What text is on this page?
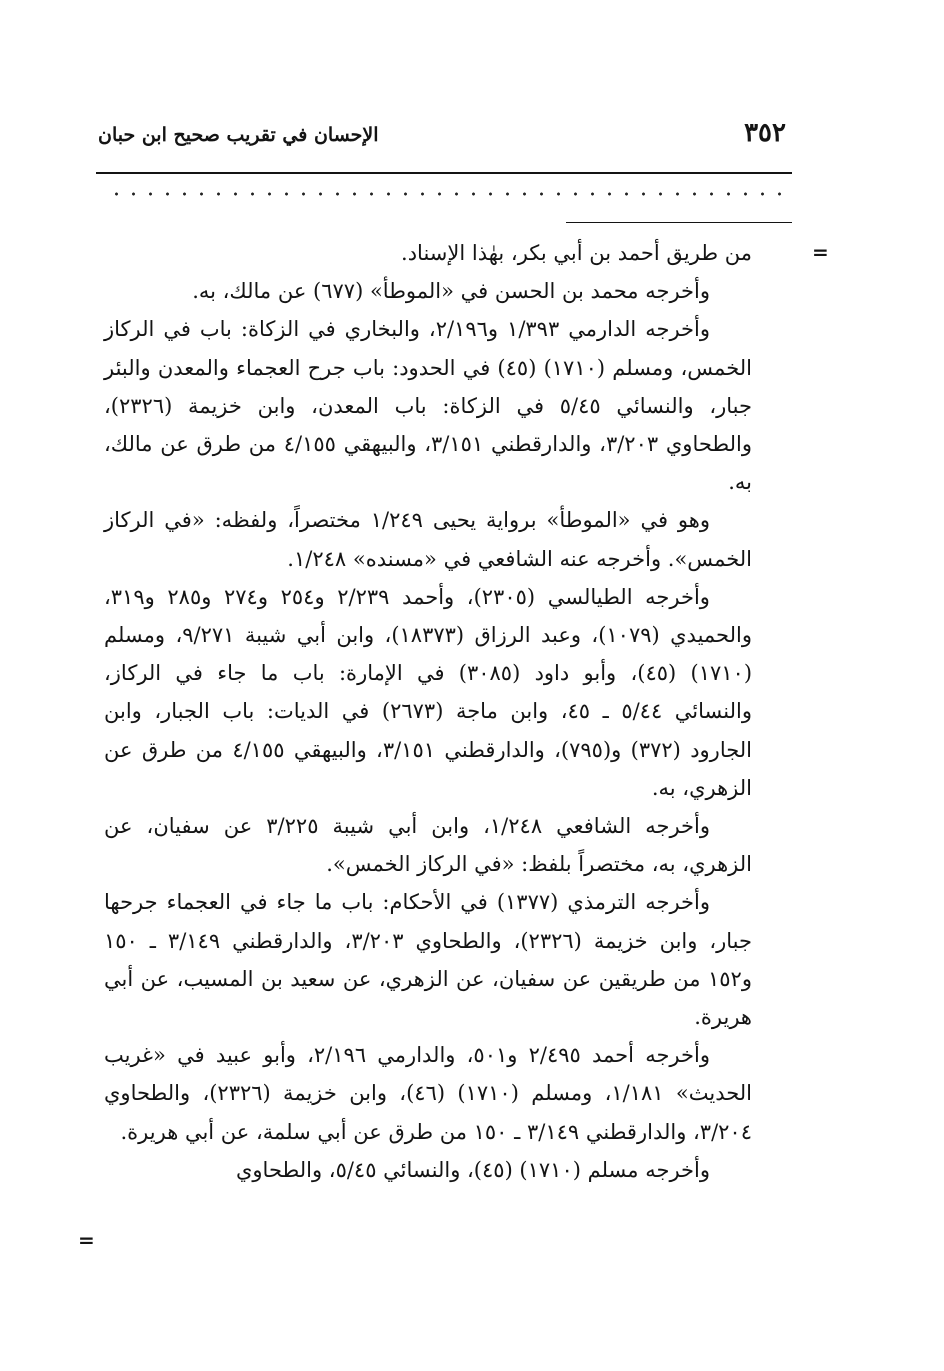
٣٥٢
الإحسان في تقريب صحيح ابن حبان
=
=

من طريق أحمد بن أبي بكر، بهٰذا الإسناد.

وأخرجه محمد بن الحسن في «الموطأ» (٦٧٧) عن مالك، به.

وأخرجه الدارمي ١/٣٩٣ و٢/١٩٦، والبخاري في الزكاة: باب في الركاز الخمس، ومسلم (١٧١٠) (٤٥) في الحدود: باب جرح العجماء والمعدن والبئر جبار، والنسائي ٥/٤٥ في الزكاة: باب المعدن، وابن خزيمة (٢٣٢٦)، والطحاوي ٣/٢٠٣، والدارقطني ٣/١٥١، والبيهقي ٤/١٥٥ من طرق عن مالك، به.

وهو في «الموطأ» برواية يحيى ١/٢٤٩ مختصراً، ولفظه: «في الركاز الخمس». وأخرجه عنه الشافعي في «مسنده» ١/٢٤٨.

وأخرجه الطيالسي (٢٣٠٥)، وأحمد ٢/٢٣٩ و٢٥٤ و٢٧٤ و٢٨٥ و٣١٩، والحميدي (١٠٧٩)، وعبد الرزاق (١٨٣٧٣)، وابن أبي شيبة ٩/٢٧١، ومسلم (١٧١٠) (٤٥)، وأبو داود (٣٠٨٥) في الإمارة: باب ما جاء في الركاز، والنسائي ٥/٤٤ ـ ٤٥، وابن ماجة (٢٦٧٣) في الديات: باب الجبار، وابن الجارود (٣٧٢) و(٧٩٥)، والدارقطني ٣/١٥١، والبيهقي ٤/١٥٥ من طرق عن الزهري، به.

وأخرجه الشافعي ١/٢٤٨، وابن أبي شيبة ٣/٢٢٥ عن سفيان، عن الزهري، به، مختصراً بلفظ: «في الركاز الخمس».

وأخرجه الترمذي (١٣٧٧) في الأحكام: باب ما جاء في العجماء جرحها جبار، وابن خزيمة (٢٣٢٦)، والطحاوي ٣/٢٠٣، والدارقطني ٣/١٤٩ ـ ١٥٠ و١٥٢ من طريقين عن سفيان، عن الزهري، عن سعيد بن المسيب، عن أبي هريرة.

وأخرجه أحمد ٢/٤٩٥ و٥٠١، والدارمي ٢/١٩٦، وأبو عبيد في «غريب الحديث» ١/١٨١، ومسلم (١٧١٠) (٤٦)، وابن خزيمة (٢٣٢٦)، والطحاوي ٣/٢٠٤، والدارقطني ٣/١٤٩ ـ ١٥٠ من طرق عن أبي سلمة، عن أبي هريرة.

وأخرجه مسلم (١٧١٠) (٤٥)، والنسائي ٥/٤٥، والطحاوي
